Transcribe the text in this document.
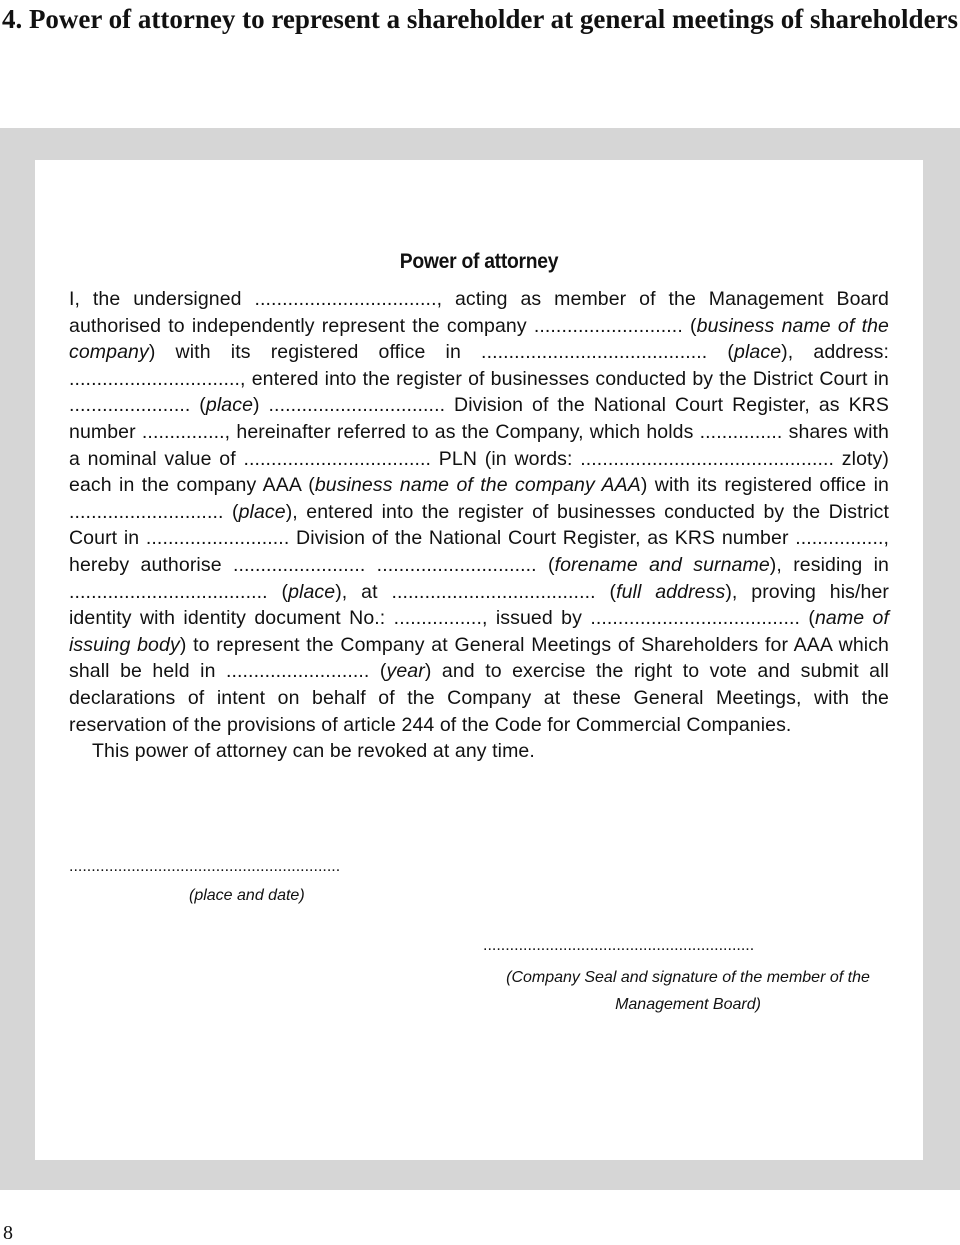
4. Power of attorney to represent a shareholder at general meetings of shareholders
Power of attorney

I, the undersigned ................................., acting as member of the Management Board authorised to independently represent the company ........................... (business name of the company) with its registered office in ......................................... (place), address: ..............................., entered into the register of businesses conducted by the District Court in ...................... (place) ................................ Division of the National Court Register, as KRS number ..............., hereinafter referred to as the Company, which holds ............... shares with a nominal value of .................................. PLN (in words: .............................................. zloty) each in the company AAA (business name of the company AAA) with its registered office in ............................ (place), entered into the register of businesses conducted by the District Court in .......................... Division of the National Court Register, as KRS number ................, hereby authorise ........................ ............................. (forename and surname), residing in .................................... (place), at ..................................... (full address), proving his/her identity with identity document No.: ................, issued by ...................................... (name of issuing body) to represent the Company at General Meetings of Shareholders for AAA which shall be held in .......................... (year) and to exercise the right to vote and submit all declarations of intent on behalf of the Company at these General Meetings, with the reservation of the provisions of article 244 of the Code for Commercial Companies.

This power of attorney can be revoked at any time.

.............................................................
(place and date)
.............................................................
(Company Seal and signature of the member of the Management Board)
8
